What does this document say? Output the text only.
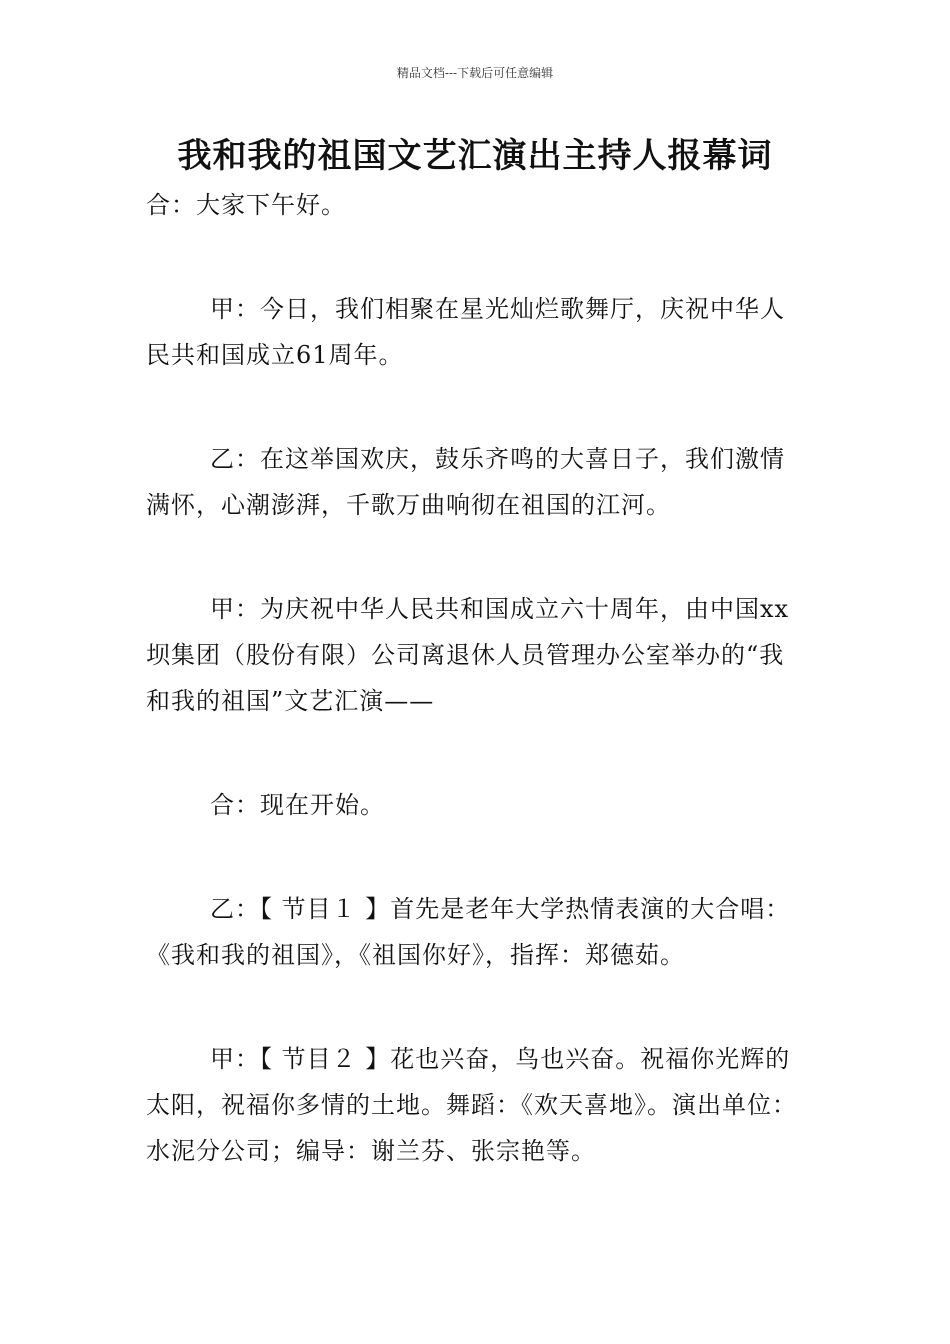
精品文档---下载后可任意编辑
我和我的祖国文艺汇演出主持人报幕词

合：大家下午好。

甲：今日，我们相聚在星光灿烂歌舞厅，庆祝中华人民共和国成立61周年。

乙：在这举国欢庆，鼓乐齐鸣的大喜日子，我们激情满怀，心潮澎湃，千歌万曲响彻在祖国的江河。

甲：为庆祝中华人民共和国成立六十周年，由中国xx坝集团（股份有限）公司离退休人员管理办公室举办的“我和我的祖国”文艺汇演——

合：现在开始。

乙：【 节目１ 】首先是老年大学热情表演的大合唱：《我和我的祖国》，《祖国你好》，指挥：郑德茹。

甲：【 节目２ 】花也兴奋，鸟也兴奋。祝福你光辉的太阳，祝福你多情的土地。舞蹈：《欢天喜地》。演出单位：水泥分公司；编导：谢兰芬、张宗艳等。
